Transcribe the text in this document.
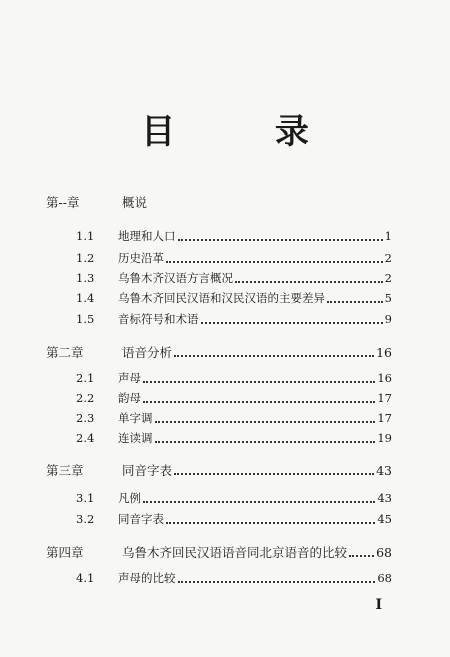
目 录
第--章	概说
1.1	地理和人口	1
1.2	历史沿革	2
1.3	乌鲁木齐汉语方言概况	2
1.4	乌鲁木齐回民汉语和汉民汉语的主要差异	5
1.5	音标符号和术语	9
第二章	语音分析	16
2.1	声母	16
2.2	韵母	17
2.3	单字调	17
2.4	连读调	19
第三章	同音字表	43
3.1	凡例	43
3.2	同音字表	45
第四章	乌鲁木齐回民汉语语音同北京语音的比较 68
4.1	声母的比较	68
I
